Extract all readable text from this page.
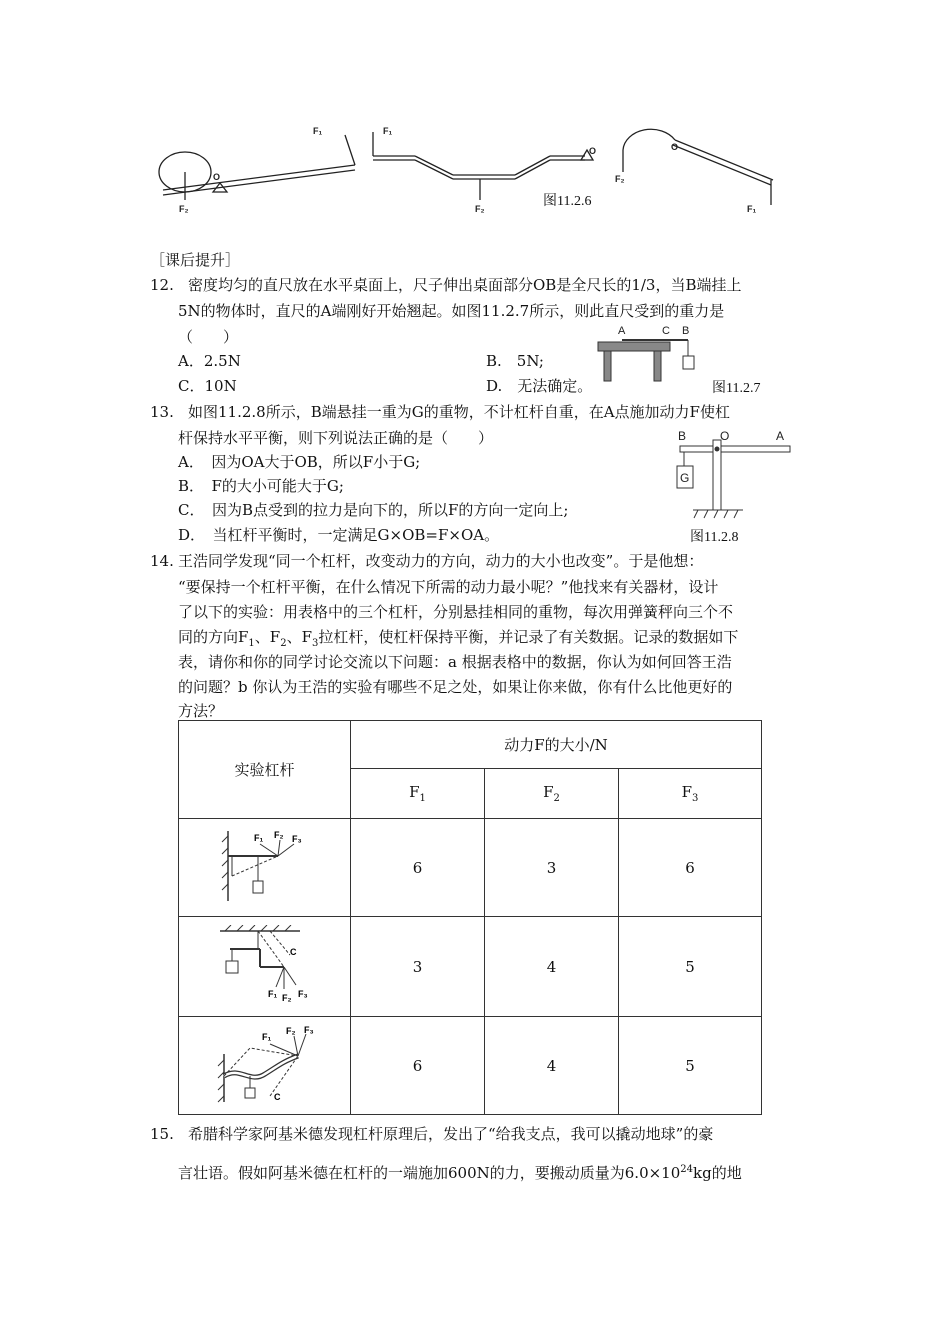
F₁
F₂
O
F₁
F₂
O
F₂
O
F₁
图11.2.6
［课后提升］
12. 密度均匀的直尺放在水平桌面上，尺子伸出桌面部分OB是全尺长的1/3，当B端挂上
5N的物体时，直尺的A端刚好开始翘起。如图11.2.7所示，则此直尺受到的重力是
（　　）
A．2.5N	B.　5N;
C．10N	D.　无法确定。
A	C B
图11.2.7
13. 如图11.2.8所示，B端悬挂一重为G的重物，不计杠杆自重，在A点施加动力F使杠
杆保持水平平衡，则下列说法正确的是（　　）
A．　因为OA大于OB，所以F小于G;
B．　F的大小可能大于G;
C．　因为B点受到的拉力是向下的，所以F的方向一定向上;
D．　当杠杆平衡时，一定满足G×OB=F×OA。
B	O	A
G
图11.2.8
14. 王浩同学发现“同一个杠杆，改变动力的方向，动力的大小也改变”。于是他想：
“要保持一个杠杆平衡，在什么情况下所需的动力最小呢？”他找来有关器材，设计
了以下的实验：用表格中的三个杠杆，分别悬挂相同的重物，每次用弹簧秤向三个不
同的方向$F_1$、$F_2$、$F_3$拉杠杆，使杠杆保持平衡，并记录了有关数据。记录的数据如下
表，请你和你的同学讨论交流以下问题：a 根据表格中的数据，你认为如何回答王浩
的问题？b 你认为王浩的实验有哪些不足之处，如果让你来做，你有什么比他更好的
方法？
实验杠杆	动力F的大小/N		
	$F_1$	$F_2$	$F_3$

F₁ F₂ F₃	6	3	6

C
F₁ F₂ F₃	3	4	5

F₁
F₂ F₃
C	6	4	5
15. 希腊科学家阿基米德发现杠杆原理后，发出了“给我支点，我可以撬动地球”的豪
言壮语。假如阿基米德在杠杆的一端施加600N的力，要搬动质量为$6.0\times 10^{24}kg$的地
